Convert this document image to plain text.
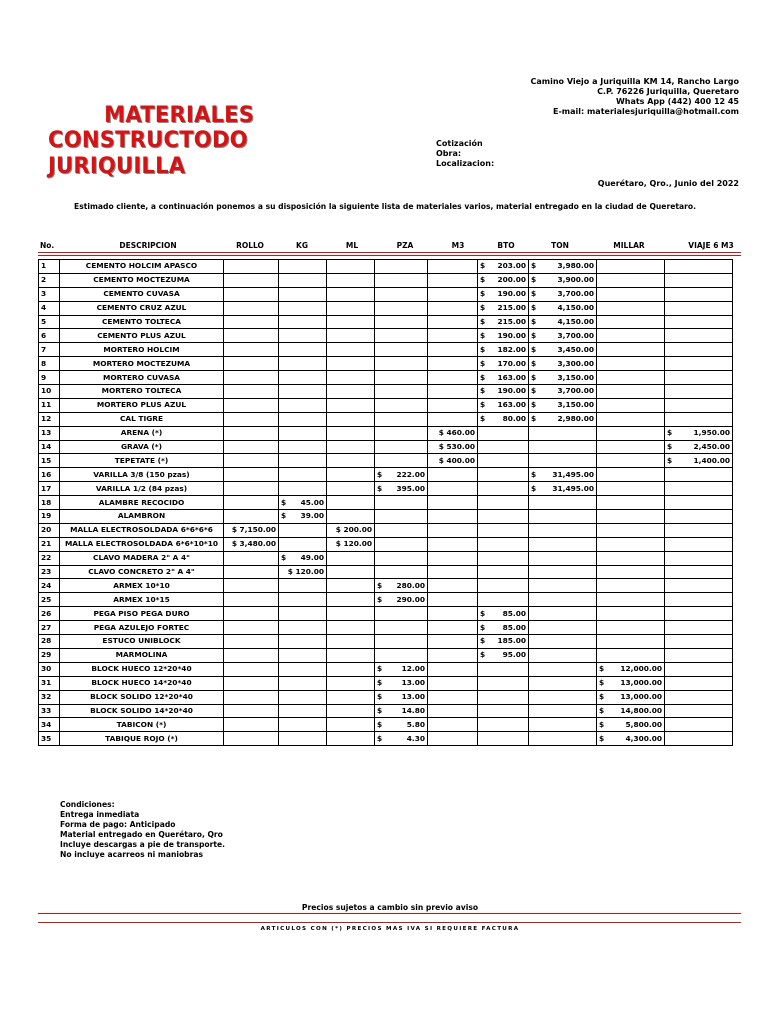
MATERIALES
CONSTRUCTODO JURIQUILLA
Camino Viejo a Juriquilla KM 14, Rancho Largo
C.P. 76226 Juriquilla, Queretaro
Whats App (442) 400 12 45
E-mail: materialesjuriquilla@hotmail.com
Cotización
Obra:
Localizacion:
Querétaro, Qro., Junio del 2022
Estimado cliente, a continuación ponemos a su disposición la siguiente lista de materiales varios, material entregado en la ciudad de Queretaro.
No.	DESCRIPCION	ROLLO	KG	ML	PZA	M3	BTO	TON	MILLAR	VIAJE 6 M3
1	CEMENTO HOLCIM APASCO						$ 203.00	$ 3,980.00		
2	CEMENTO MOCTEZUMA						$ 200.00	$ 3,900.00		
3	CEMENTO CUVASA						$ 190.00	$ 3,700.00		
4	CEMENTO CRUZ AZUL						$ 215.00	$ 4,150.00		
5	CEMENTO TOLTECA						$ 215.00	$ 4,150.00		
6	CEMENTO PLUS AZUL						$ 190.00	$ 3,700.00		
7	MORTERO HOLCIM						$ 182.00	$ 3,450.00		
8	MORTERO MOCTEZUMA						$ 170.00	$ 3,300.00		
9	MORTERO CUVASA						$ 163.00	$ 3,150.00		
10	MORTERO TOLTECA						$ 190.00	$ 3,700.00		
11	MORTERO PLUS AZUL						$ 163.00	$ 3,150.00		
12	CAL TIGRE						$ 80.00	$ 2,980.00		
13	ARENA (*)					$ 460.00				$ 1,950.00
14	GRAVA (*)					$ 530.00				$ 2,450.00
15	TEPETATE (*)					$ 400.00				$ 1,400.00
16	VARILLA 3/8 (150 pzas)				$ 222.00			$ 31,495.00		
17	VARILLA 1/2 (84 pzas)				$ 395.00			$ 31,495.00		
18	ALAMBRE RECOCIDO		$ 45.00							
19	ALAMBRON		$ 39.00							
20	MALLA ELECTROSOLDADA 6*6*6*6	$ 7,150.00		$ 200.00						
21	MALLA ELECTROSOLDADA 6*6*10*10	$ 3,480.00		$ 120.00						
22	CLAVO MADERA 2" A 4"		$ 49.00							
23	CLAVO CONCRETO 2" A 4"		$ 120.00							
24	ARMEX 10*10				$ 280.00					
25	ARMEX 10*15				$ 290.00					
26	PEGA PISO PEGA DURO						$ 85.00			
27	PEGA AZULEJO FORTEC						$ 85.00			
28	ESTUCO UNIBLOCK						$ 185.00			
29	MARMOLINA						$ 95.00			
30	BLOCK HUECO 12*20*40				$ 12.00				$ 12,000.00	
31	BLOCK HUECO 14*20*40				$ 13.00				$ 13,000.00	
32	BLOCK SOLIDO 12*20*40				$ 13.00				$ 13,000.00	
33	BLOCK SOLIDO 14*20*40				$ 14.80				$ 14,800.00	
34	TABICON (*)				$ 5.80				$ 5,800.00	
35	TABIQUE ROJO (*)				$ 4.30				$ 4,300.00	
Condiciones:
Entrega inmediata
Forma de pago: Anticipado
Material entregado en Querétaro, Qro
Incluye descargas a pie de transporte.
No incluye acarreos ni maniobras
Precios sujetos a cambio sin previo aviso
ARTICULOS CON (*) PRECIOS MAS IVA SI REQUIERE FACTURA
